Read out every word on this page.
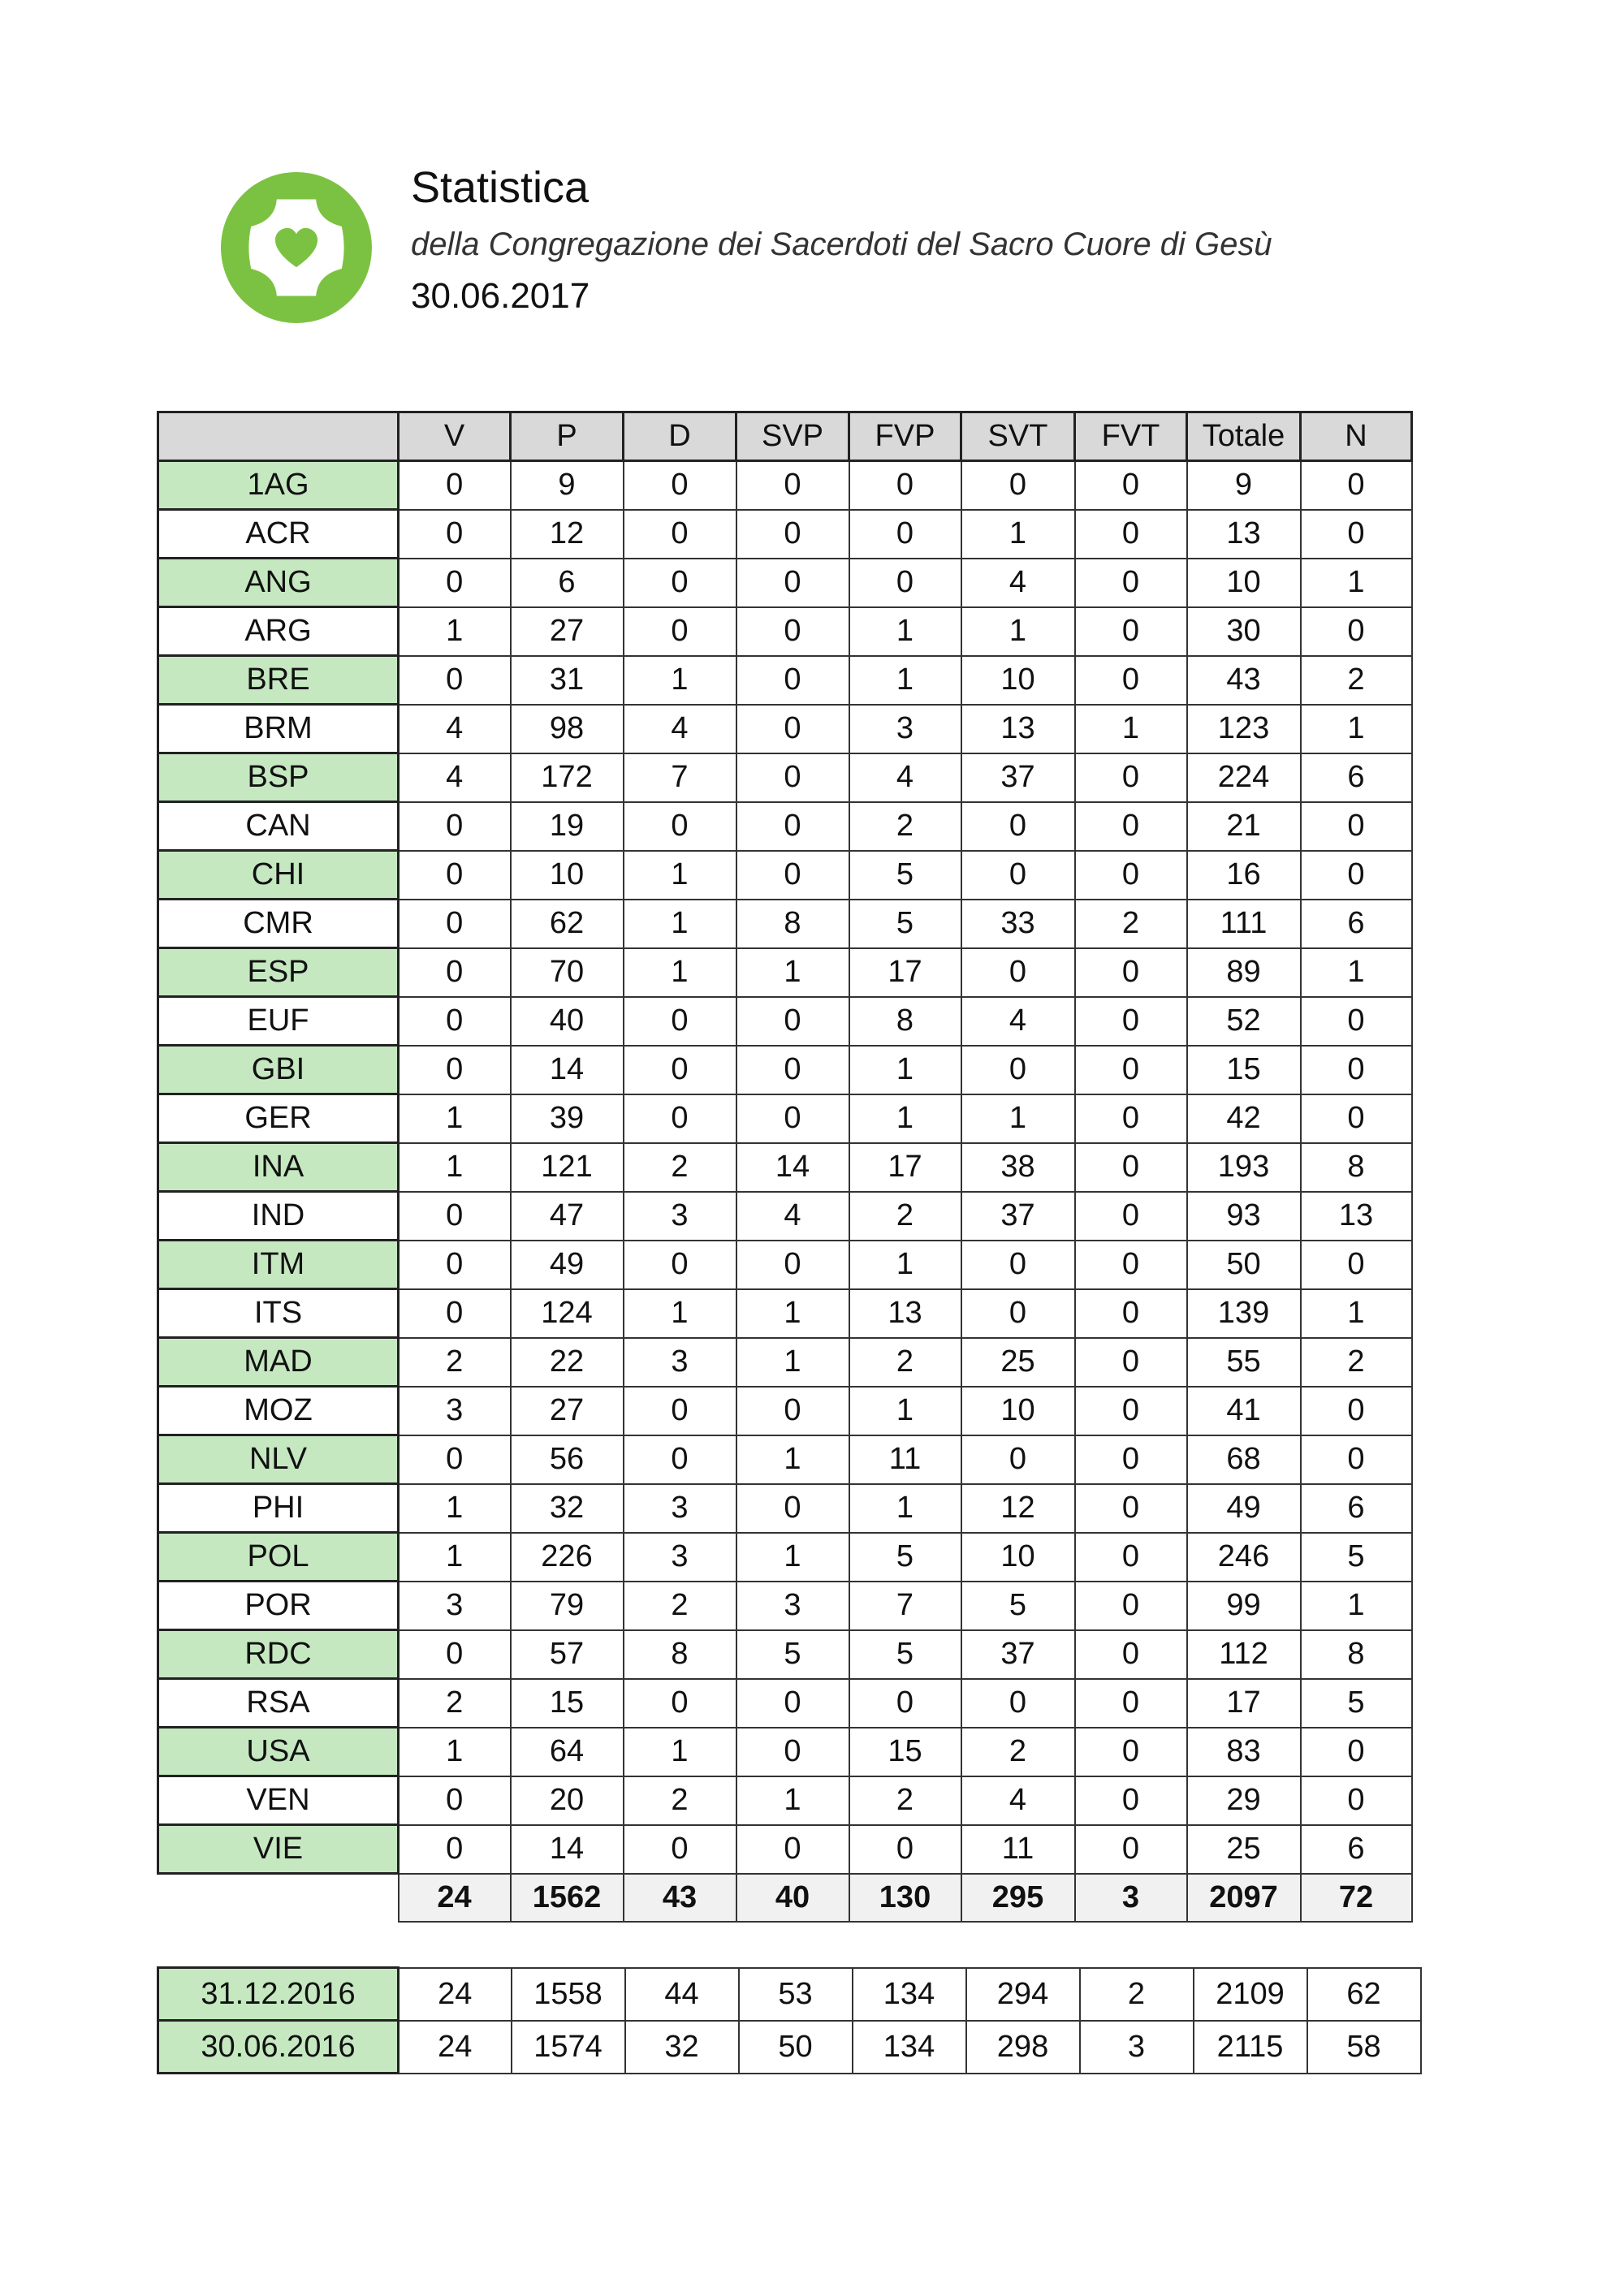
Statistica
della Congregazione dei Sacerdoti del Sacro Cuore di Gesù
30.06.2017
	V	P	D	SVP	FVP	SVT	FVT	Totale	N
1AG	0	9	0	0	0	0	0	9	0
ACR	0	12	0	0	0	1	0	13	0
ANG	0	6	0	0	0	4	0	10	1
ARG	1	27	0	0	1	1	0	30	0
BRE	0	31	1	0	1	10	0	43	2
BRM	4	98	4	0	3	13	1	123	1
BSP	4	172	7	0	4	37	0	224	6
CAN	0	19	0	0	2	0	0	21	0
CHI	0	10	1	0	5	0	0	16	0
CMR	0	62	1	8	5	33	2	111	6
ESP	0	70	1	1	17	0	0	89	1
EUF	0	40	0	0	8	4	0	52	0
GBI	0	14	0	0	1	0	0	15	0
GER	1	39	0	0	1	1	0	42	0
INA	1	121	2	14	17	38	0	193	8
IND	0	47	3	4	2	37	0	93	13
ITM	0	49	0	0	1	0	0	50	0
ITS	0	124	1	1	13	0	0	139	1
MAD	2	22	3	1	2	25	0	55	2
MOZ	3	27	0	0	1	10	0	41	0
NLV	0	56	0	1	11	0	0	68	0
PHI	1	32	3	0	1	12	0	49	6
POL	1	226	3	1	5	10	0	246	5
POR	3	79	2	3	7	5	0	99	1
RDC	0	57	8	5	5	37	0	112	8
RSA	2	15	0	0	0	0	0	17	5
USA	1	64	1	0	15	2	0	83	0
VEN	0	20	2	1	2	4	0	29	0
VIE	0	14	0	0	0	11	0	25	6
	24	1562	43	40	130	295	3	2097	72
31.12.2016	24	1558	44	53	134	294	2	2109	62
30.06.2016	24	1574	32	50	134	298	3	2115	58
